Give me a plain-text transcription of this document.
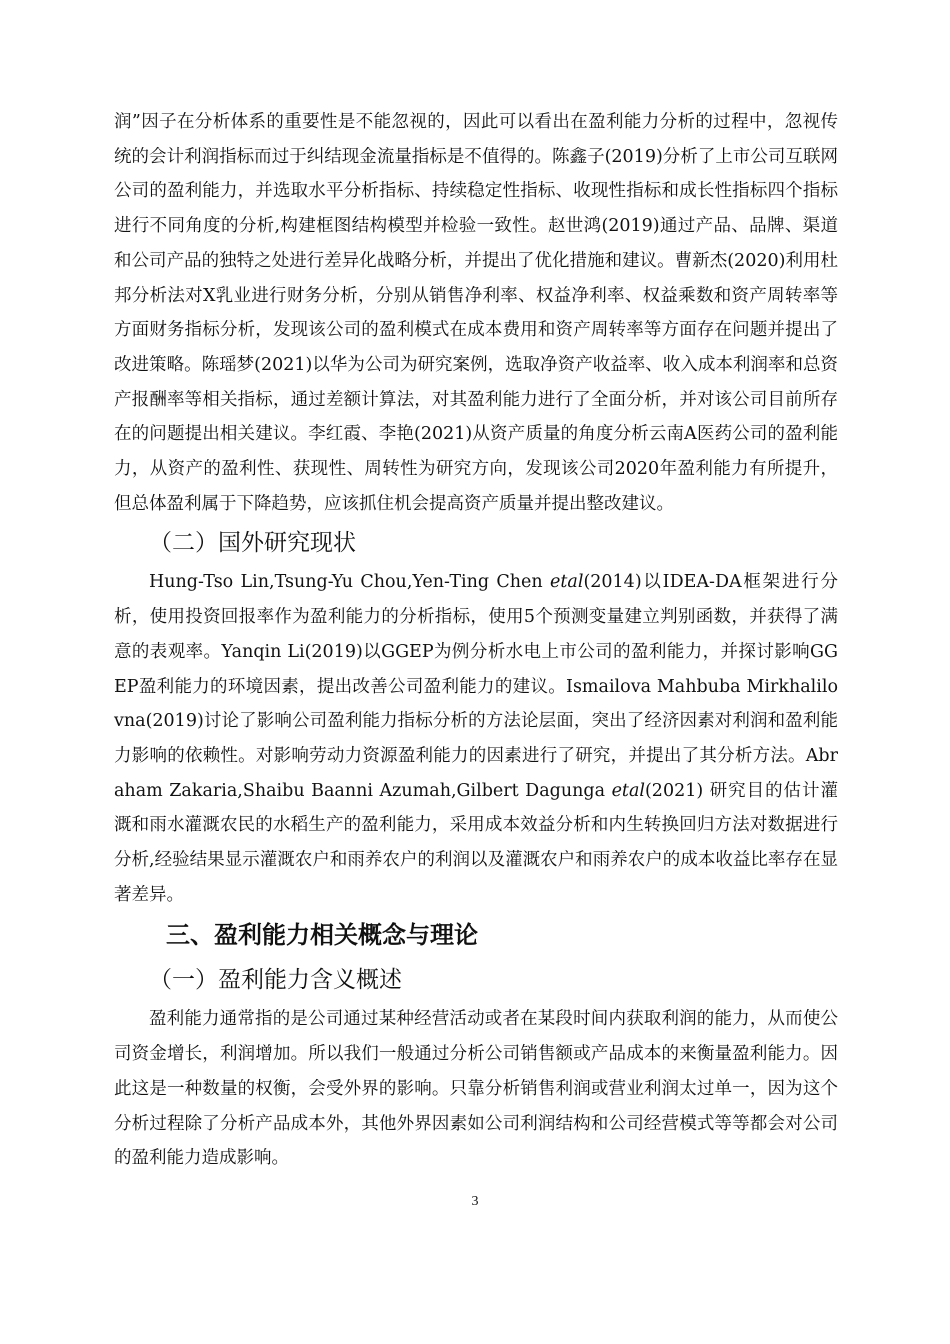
润”因子在分析体系的重要性是不能忽视的，因此可以看出在盈利能力分析的过程中，忽视传统的会计利润指标而过于纠结现金流量指标是不值得的。陈鑫子(2019)分析了上市公司互联网公司的盈利能力，并选取水平分析指标、持续稳定性指标、收现性指标和成长性指标四个指标进行不同角度的分析,构建框图结构模型并检验一致性。赵世鸿(2019)通过产品、品牌、渠道和公司产品的独特之处进行差异化战略分析，并提出了优化措施和建议。曹新杰(2020)利用杜邦分析法对X乳业进行财务分析，分别从销售净利率、权益净利率、权益乘数和资产周转率等方面财务指标分析，发现该公司的盈利模式在成本费用和资产周转率等方面存在问题并提出了改进策略。陈瑶梦(2021)以华为公司为研究案例，选取净资产收益率、收入成本利润率和总资产报酬率等相关指标，通过差额计算法，对其盈利能力进行了全面分析，并对该公司目前所存在的问题提出相关建议。李红霞、李艳(2021)从资产质量的角度分析云南A医药公司的盈利能力，从资产的盈利性、获现性、周转性为研究方向，发现该公司2020年盈利能力有所提升，但总体盈利属于下降趋势，应该抓住机会提高资产质量并提出整改建议。

（二）国外研究现状

Hung-Tso Lin,Tsung-Yu Chou,Yen-Ting Chen etal(2014)以IDEA-DA框架进行分析，使用投资回报率作为盈利能力的分析指标，使用5个预测变量建立判别函数，并获得了满意的表观率。Yanqin Li(2019)以GGEP为例分析水电上市公司的盈利能力，并探讨影响GGEP盈利能力的环境因素，提出改善公司盈利能力的建议。Ismailova Mahbuba Mirkhalilovna(2019)讨论了影响公司盈利能力指标分析的方法论层面，突出了经济因素对利润和盈利能力影响的依赖性。对影响劳动力资源盈利能力的因素进行了研究，并提出了其分析方法。Abraham Zakaria,Shaibu Baanni Azumah,Gilbert Dagunga etal(2021) 研究目的估计灌溉和雨水灌溉农民的水稻生产的盈利能力，采用成本效益分析和内生转换回归方法对数据进行分析,经验结果显示灌溉农户和雨养农户的利润以及灌溉农户和雨养农户的成本收益比率存在显著差异。

三、盈利能力相关概念与理论
（一）盈利能力含义概述

盈利能力通常指的是公司通过某种经营活动或者在某段时间内获取利润的能力，从而使公司资金增长，利润增加。所以我们一般通过分析公司销售额或产品成本的来衡量盈利能力。因此这是一种数量的权衡，会受外界的影响。只靠分析销售利润或营业利润太过单一，因为这个分析过程除了分析产品成本外，其他外界因素如公司利润结构和公司经营模式等等都会对公司的盈利能力造成影响。

3
